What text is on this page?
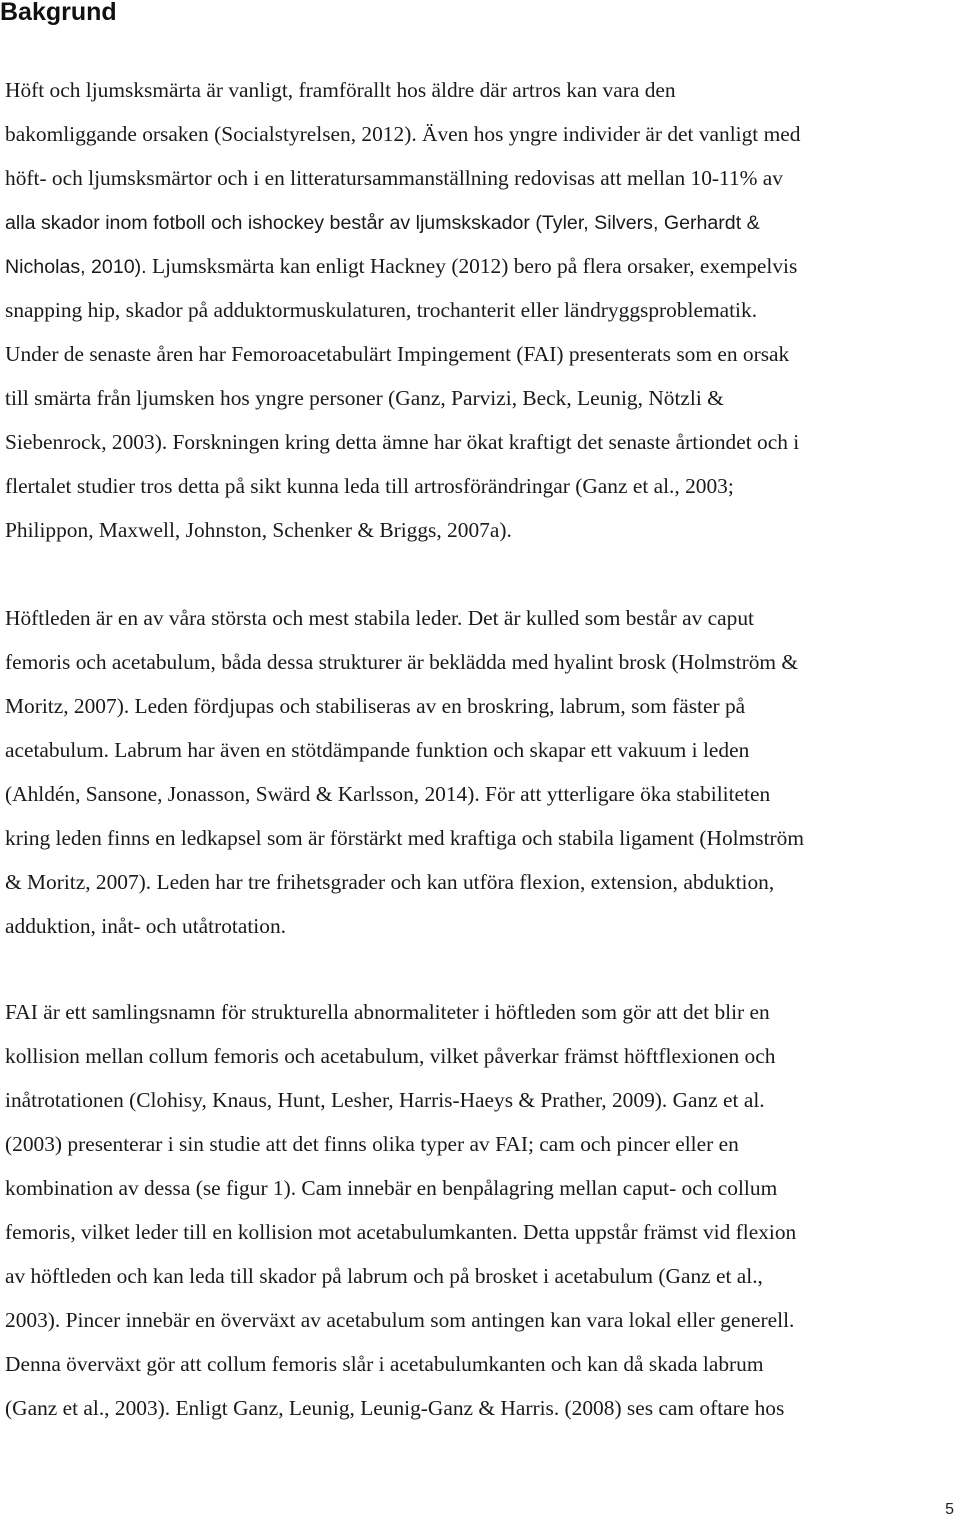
Bakgrund
Höft och ljumsksmärta är vanligt, framförallt hos äldre där artros kan vara den
bakomliggande orsaken (Socialstyrelsen, 2012). Även hos yngre individer är det vanligt med
höft- och ljumsksmärtor och i en litteratursammanställning redovisas att mellan 10-11% av
alla skador inom fotboll och ishockey består av ljumskskador (Tyler, Silvers, Gerhardt &
Nicholas, 2010). Ljumsksmärta kan enligt Hackney (2012) bero på flera orsaker, exempelvis
snapping hip, skador på adduktormuskulaturen, trochanterit eller ländryggsproblematik.
Under de senaste åren har Femoroacetabulärt Impingement (FAI) presenterats som en orsak
till smärta från ljumsken hos yngre personer (Ganz, Parvizi, Beck, Leunig, Nötzli &
Siebenrock, 2003). Forskningen kring detta ämne har ökat kraftigt det senaste årtiondet och i
flertalet studier tros detta på sikt kunna leda till artrosförändringar (Ganz et al., 2003;
Philippon, Maxwell, Johnston, Schenker & Briggs, 2007a).
Höftleden är en av våra största och mest stabila leder. Det är kulled som består av caput
femoris och acetabulum, båda dessa strukturer är beklädda med hyalint brosk (Holmström &
Moritz, 2007). Leden fördjupas och stabiliseras av en broskring, labrum, som fäster på
acetabulum. Labrum har även en stötdämpande funktion och skapar ett vakuum i leden
(Ahldén, Sansone, Jonasson, Swärd & Karlsson, 2014). För att ytterligare öka stabiliteten
kring leden finns en ledkapsel som är förstärkt med kraftiga och stabila ligament (Holmström
& Moritz, 2007). Leden har tre frihetsgrader och kan utföra flexion, extension, abduktion,
adduktion, inåt- och utåtrotation.
FAI är ett samlingsnamn för strukturella abnormaliteter i höftleden som gör att det blir en
kollision mellan collum femoris och acetabulum, vilket påverkar främst höftflexionen och
inåtrotationen (Clohisy, Knaus, Hunt, Lesher, Harris-Haeys & Prather, 2009). Ganz et al.
(2003) presenterar i sin studie att det finns olika typer av FAI; cam och pincer eller en
kombination av dessa (se figur 1). Cam innebär en benpålagring mellan caput- och collum
femoris, vilket leder till en kollision mot acetabulumkanten. Detta uppstår främst vid flexion
av höftleden och kan leda till skador på labrum och på brosket i acetabulum (Ganz et al.,
2003). Pincer innebär en överväxt av acetabulum som antingen kan vara lokal eller generell.
Denna överväxt gör att collum femoris slår i acetabulumkanten och kan då skada labrum
(Ganz et al., 2003). Enligt Ganz, Leunig, Leunig-Ganz & Harris. (2008) ses cam oftare hos
5
